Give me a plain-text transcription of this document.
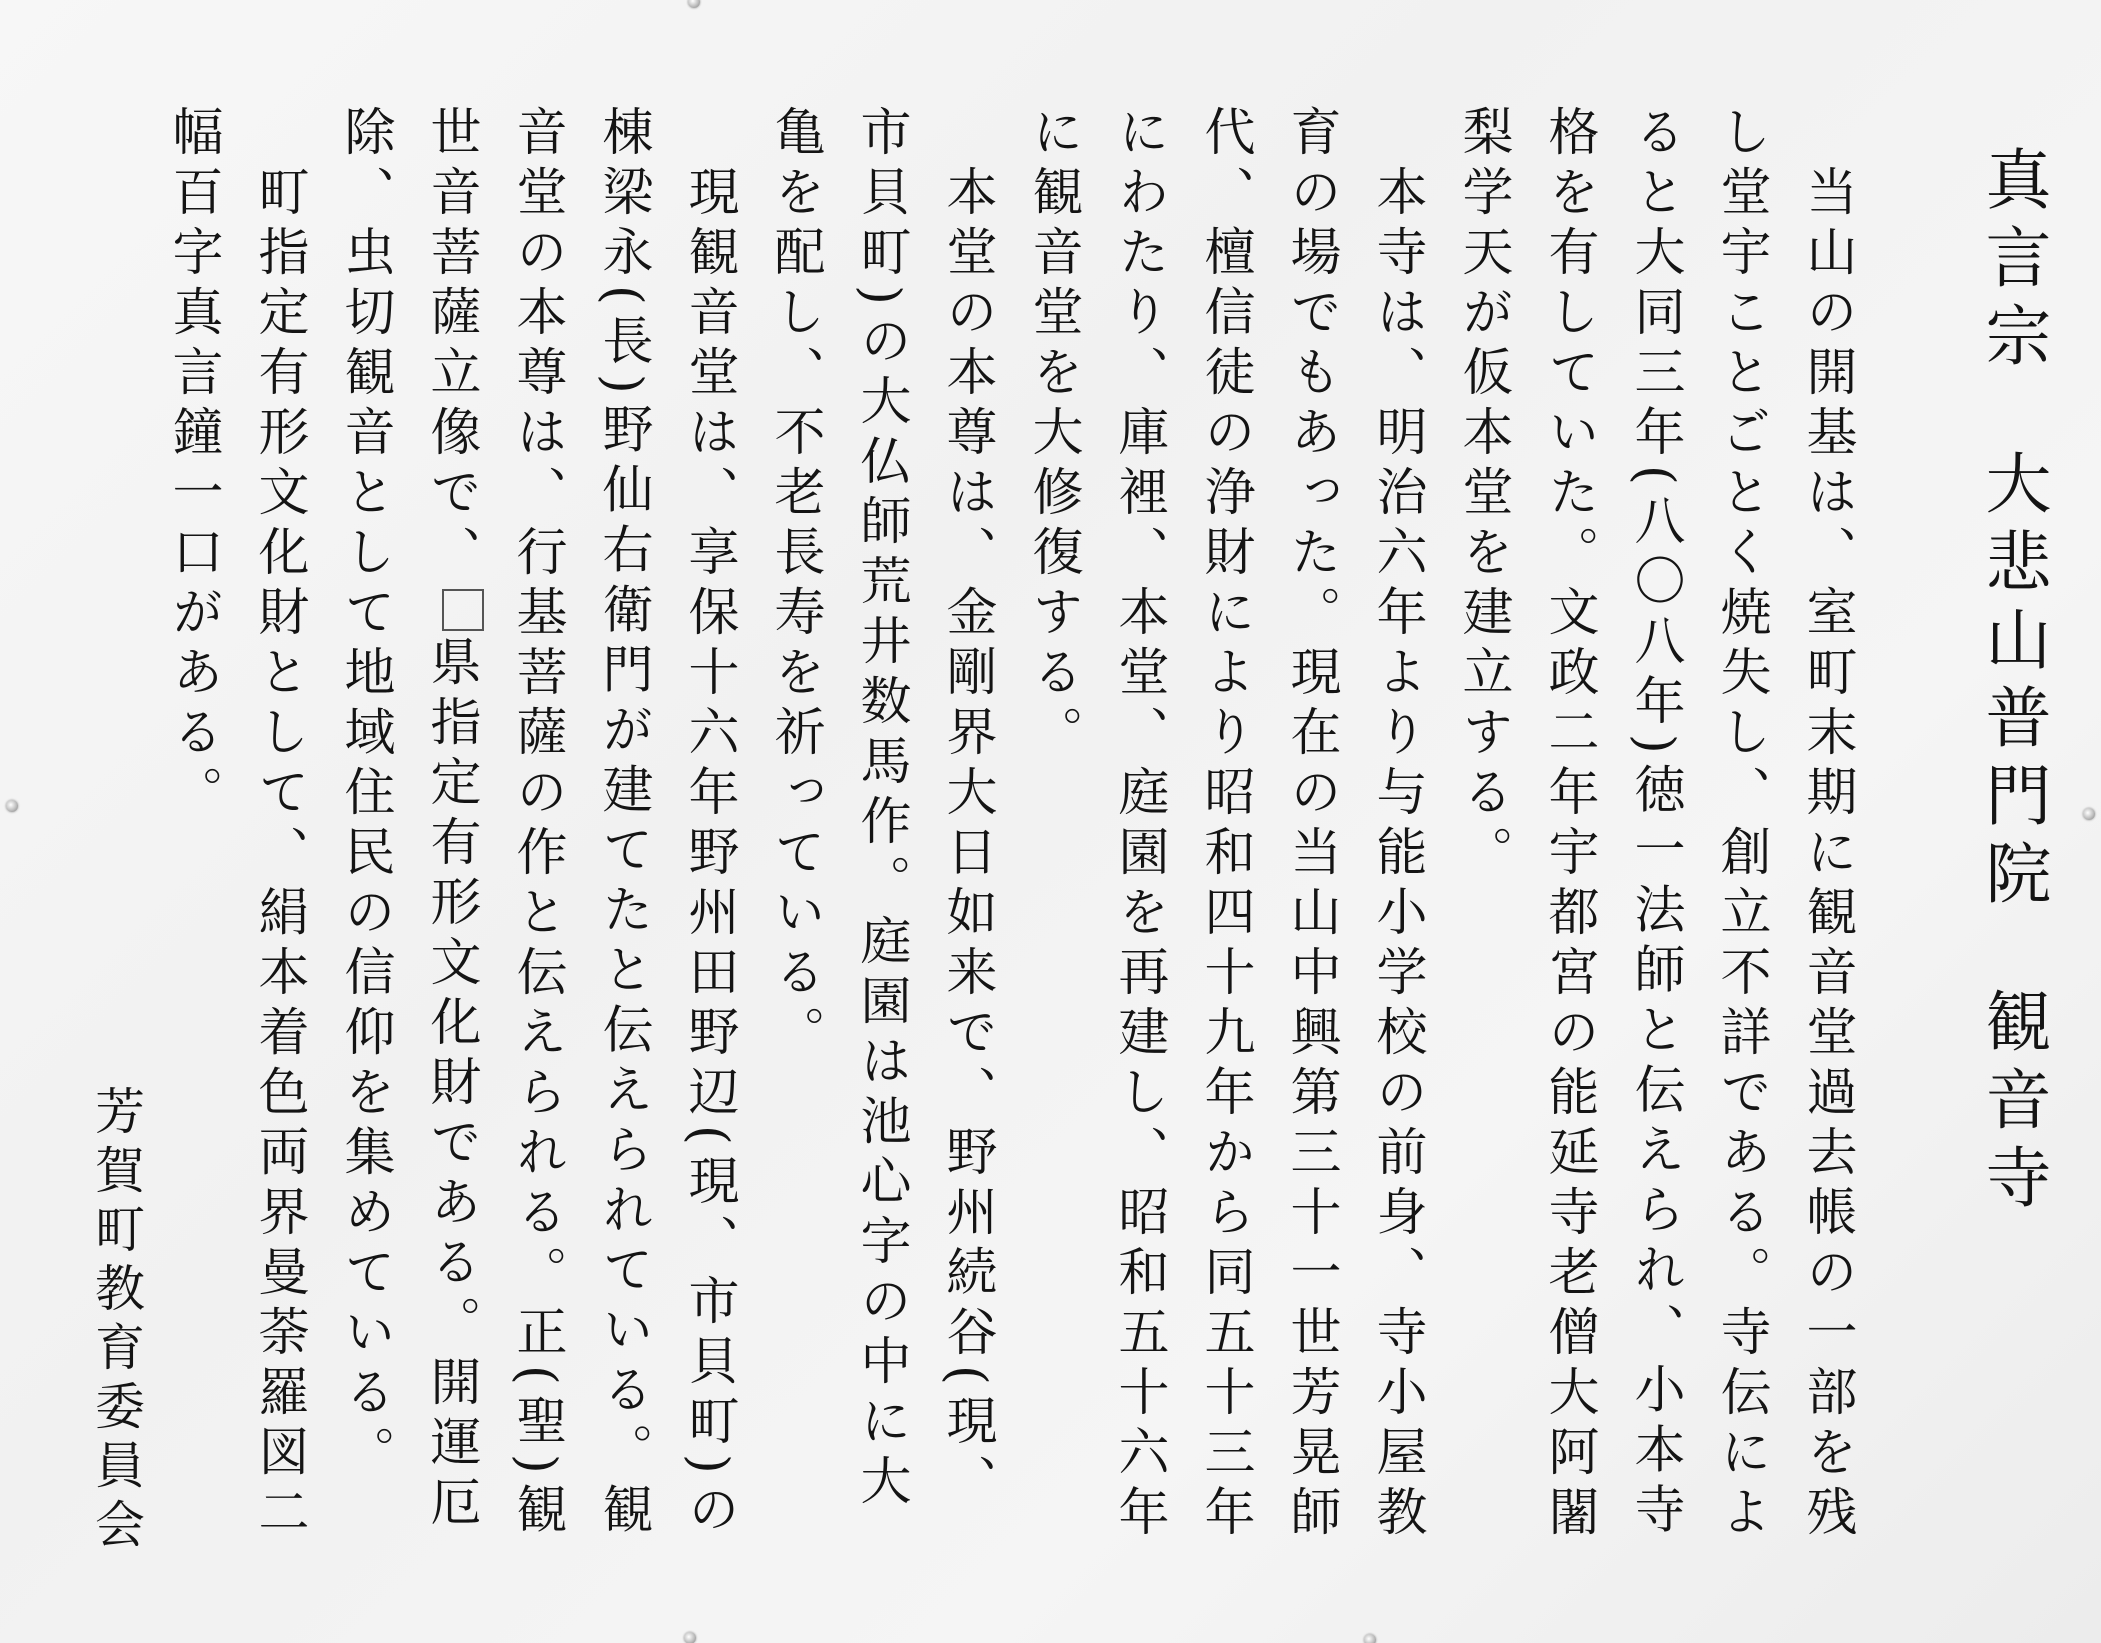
真言宗大悲山普門院観音寺

　当山の開基は、室町末期に観音堂過去帳の一部を残し堂宇ことごとく焼失し、創立不詳である。寺伝によると大同三年(八〇八年)徳一法師と伝えられ、小本寺格を有していた。文政二年宇都宮の能延寺老僧大阿闍梨学天が仮本堂を建立する。

　本寺は、明治六年より与能小学校の前身、寺小屋教育の場でもあった。現在の当山中興第三十一世芳晃師代、檀信徒の浄財により昭和四十九年から同五十三年にわたり、庫裡、本堂、庭園を再建し、昭和五十六年に観音堂を大修復する。

　本堂の本尊は、金剛界大日如来で、野州続谷(現、市貝町)の大仏師荒井数馬作。庭園は池心字の中に大亀を配し、不老長寿を祈っている。

　現観音堂は、享保十六年野州田野辺(現、市貝町)の棟梁永(長)野仙右衛門が建てたと伝えられている。観音堂の本尊は、行基菩薩の作と伝えられる。正(聖)観世音菩薩立像で、県指定有形文化財である。開運厄除、虫切観音として地域住民の信仰を集めている。

　町指定有形文化財として、絹本着色両界曼荼羅図二幅百字真言鐘一口がある。

芳賀町教育委員会
